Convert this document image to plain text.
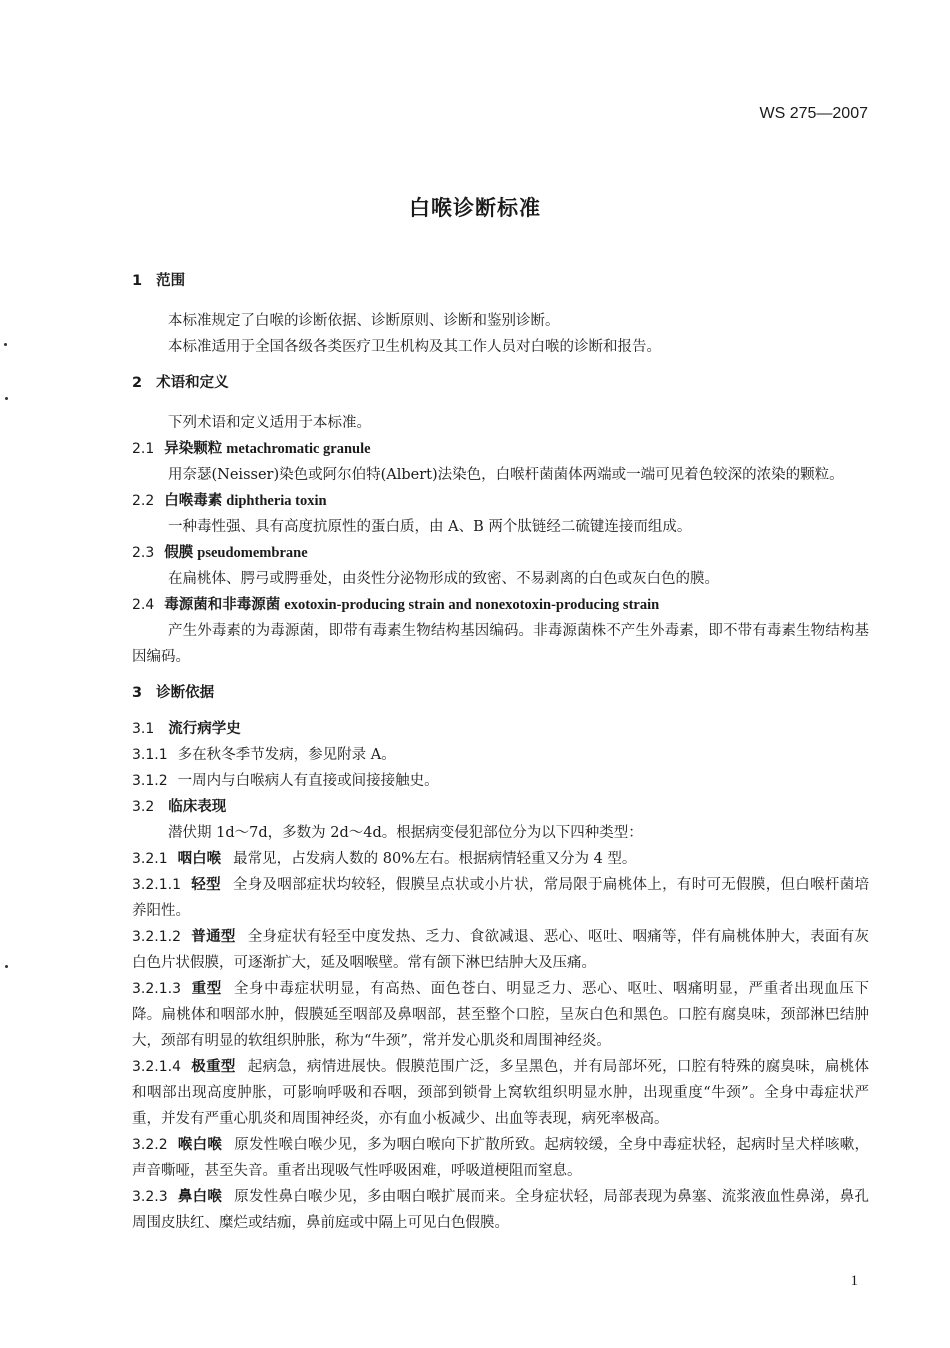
WS 275—2007
白喉诊断标准
1 范围
本标准规定了白喉的诊断依据、诊断原则、诊断和鉴别诊断。
本标准适用于全国各级各类医疗卫生机构及其工作人员对白喉的诊断和报告。
2 术语和定义
下列术语和定义适用于本标准。
2.1 异染颗粒 metachromatic granule
用奈瑟(Neisser)染色或阿尔伯特(Albert)法染色，白喉杆菌菌体两端或一端可见着色较深的浓染的颗粒。
2.2 白喉毒素 diphtheria toxin
一种毒性强、具有高度抗原性的蛋白质，由 A、B 两个肽链经二硫键连接而组成。
2.3 假膜 pseudomembrane
在扁桃体、腭弓或腭垂处，由炎性分泌物形成的致密、不易剥离的白色或灰白色的膜。
2.4 毒源菌和非毒源菌 exotoxin-producing strain and nonexotoxin-producing strain
产生外毒素的为毒源菌，即带有毒素生物结构基因编码。非毒源菌株不产生外毒素，即不带有毒素生物结构基因编码。
3 诊断依据
3.1 流行病学史
3.1.1 多在秋冬季节发病，参见附录 A。
3.1.2 一周内与白喉病人有直接或间接接触史。
3.2 临床表现
潜伏期 1d～7d，多数为 2d～4d。根据病变侵犯部位分为以下四种类型：
3.2.1 咽白喉 最常见，占发病人数的 80%左右。根据病情轻重又分为 4 型。
3.2.1.1 轻型 全身及咽部症状均较轻，假膜呈点状或小片状，常局限于扁桃体上，有时可无假膜，但白喉杆菌培养阳性。
3.2.1.2 普通型 全身症状有轻至中度发热、乏力、食欲减退、恶心、呕吐、咽痛等，伴有扁桃体肿大，表面有灰白色片状假膜，可逐渐扩大，延及咽喉壁。常有颌下淋巴结肿大及压痛。
3.2.1.3 重型 全身中毒症状明显，有高热、面色苍白、明显乏力、恶心、呕吐、咽痛明显，严重者出现血压下降。扁桃体和咽部水肿，假膜延至咽部及鼻咽部，甚至整个口腔，呈灰白色和黑色。口腔有腐臭味，颈部淋巴结肿大，颈部有明显的软组织肿胀，称为“牛颈”，常并发心肌炎和周围神经炎。
3.2.1.4 极重型 起病急，病情进展快。假膜范围广泛，多呈黑色，并有局部坏死，口腔有特殊的腐臭味，扁桃体和咽部出现高度肿胀，可影响呼吸和吞咽，颈部到锁骨上窝软组织明显水肿，出现重度“牛颈”。全身中毒症状严重，并发有严重心肌炎和周围神经炎，亦有血小板减少、出血等表现，病死率极高。
3.2.2 喉白喉 原发性喉白喉少见，多为咽白喉向下扩散所致。起病较缓，全身中毒症状轻，起病时呈犬样咳嗽，声音嘶哑，甚至失音。重者出现吸气性呼吸困难，呼吸道梗阻而窒息。
3.2.3 鼻白喉 原发性鼻白喉少见，多由咽白喉扩展而来。全身症状轻，局部表现为鼻塞、流浆液血性鼻涕，鼻孔周围皮肤红、糜烂或结痂，鼻前庭或中隔上可见白色假膜。
1
